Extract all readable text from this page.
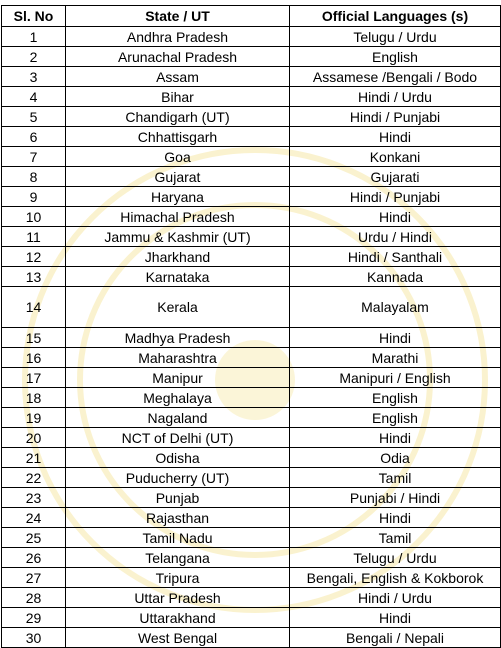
Sl. No	State / UT	Official Languages (s)
1	Andhra Pradesh	Telugu / Urdu
2	Arunachal Pradesh	English
3	Assam	Assamese /Bengali / Bodo
4	Bihar	Hindi / Urdu
5	Chandigarh (UT)	Hindi / Punjabi
6	Chhattisgarh	Hindi
7	Goa	Konkani
8	Gujarat	Gujarati
9	Haryana	Hindi / Punjabi
10	Himachal Pradesh	Hindi
11	Jammu & Kashmir (UT)	Urdu / Hindi
12	Jharkhand	Hindi / Santhali
13	Karnataka	Kannada
14	Kerala	Malayalam
15	Madhya Pradesh	Hindi
16	Maharashtra	Marathi
17	Manipur	Manipuri / English
18	Meghalaya	English
19	Nagaland	English
20	NCT of Delhi (UT)	Hindi
21	Odisha	Odia
22	Puducherry (UT)	Tamil
23	Punjab	Punjabi / Hindi
24	Rajasthan	Hindi
25	Tamil Nadu	Tamil
26	Telangana	Telugu / Urdu
27	Tripura	Bengali, English & Kokborok
28	Uttar Pradesh	Hindi / Urdu
29	Uttarakhand	Hindi
30	West Bengal	Bengali / Nepali
